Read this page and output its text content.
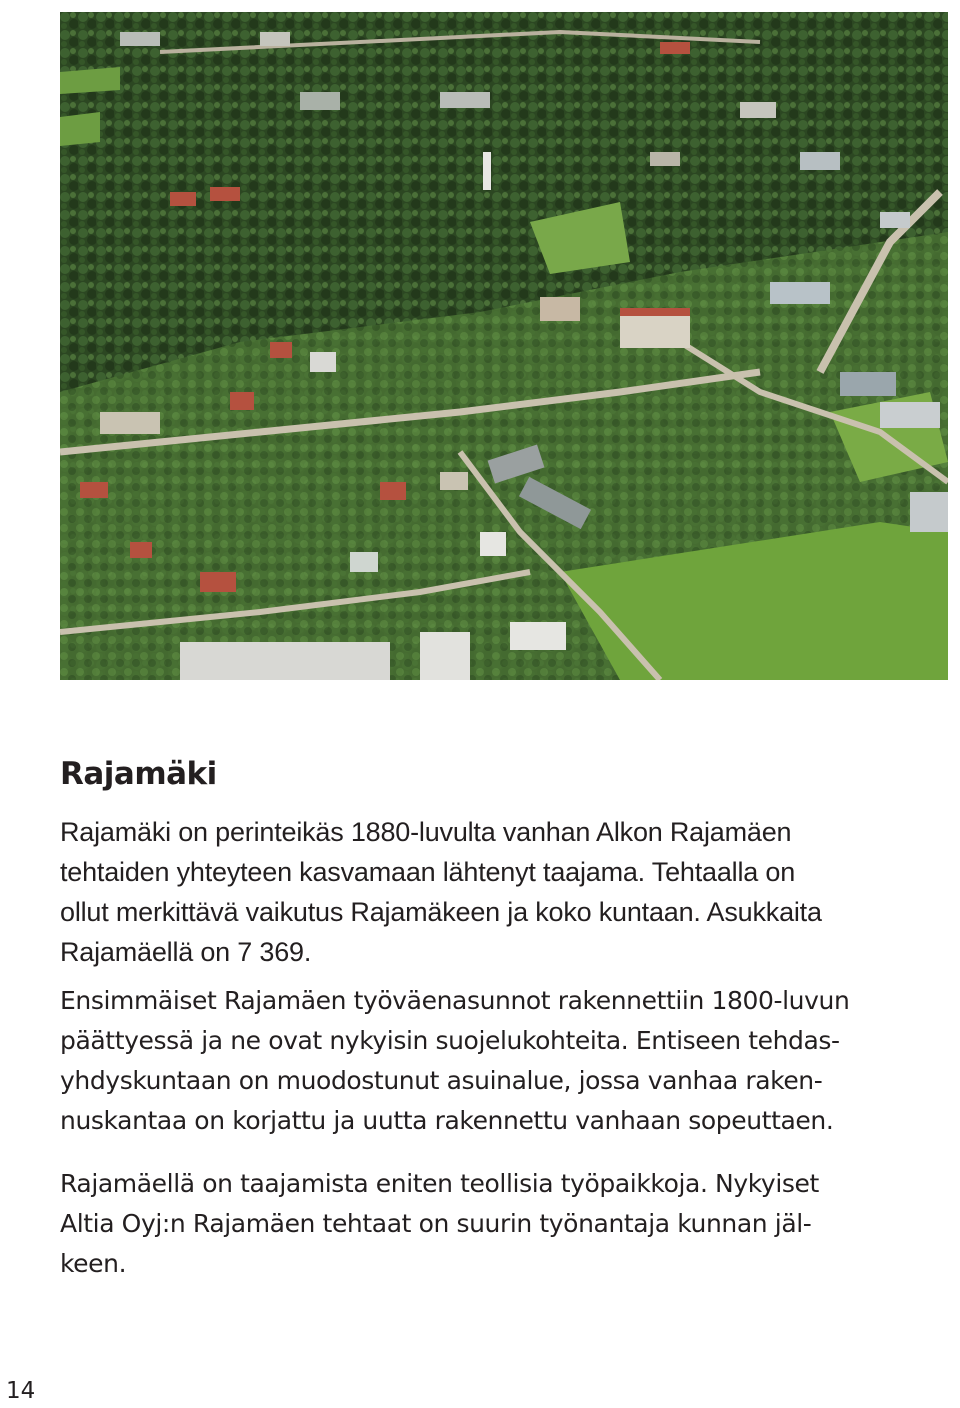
Rajamäki

Rajamäki on perinteikäs 1880-luvulta vanhan Alkon Rajamäen
tehtaiden yhteyteen kasvamaan lähtenyt taajama. Tehtaalla on
ollut merkittävä vaikutus Rajamäkeen ja koko kuntaan. Asukkaita
Rajamäellä on 7 369.

Ensimmäiset Rajamäen työväenasunnot rakennettiin 1800-luvun
päättyessä ja ne ovat nykyisin suojelukohteita. Entiseen tehdas-
yhdyskuntaan on muodostunut asuinalue, jossa vanhaa raken-
nuskantaa on korjattu ja uutta rakennettu vanhaan sopeuttaen.

Rajamäellä on taajamista eniten teollisia työpaikkoja. Nykyiset
Altia Oyj:n Rajamäen tehtaat on suurin työnantaja kunnan jäl-
keen.

14
